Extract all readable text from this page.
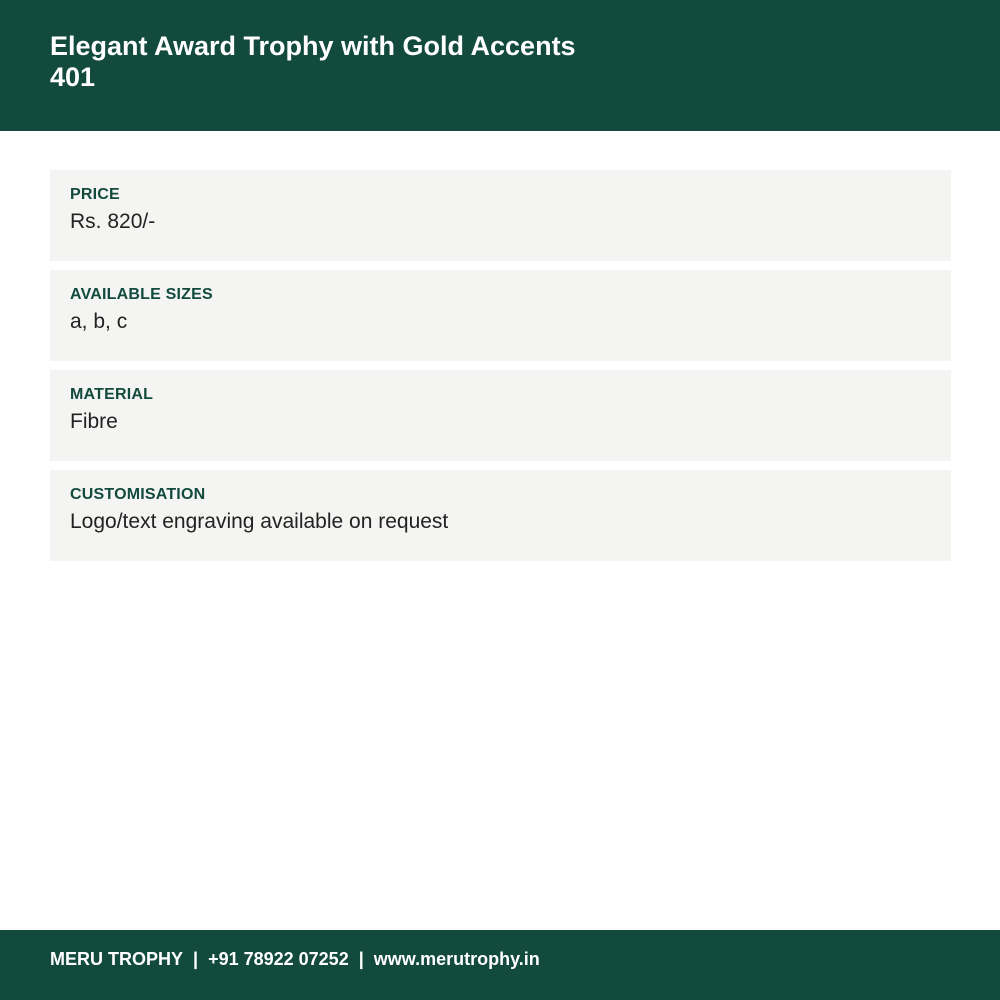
Elegant Award Trophy with Gold Accents
401
PRICE
Rs. 820/-
AVAILABLE SIZES
a, b, c
MATERIAL
Fibre
CUSTOMISATION
Logo/text engraving available on request
MERU TROPHY | +91 78922 07252 | www.merutrophy.in
